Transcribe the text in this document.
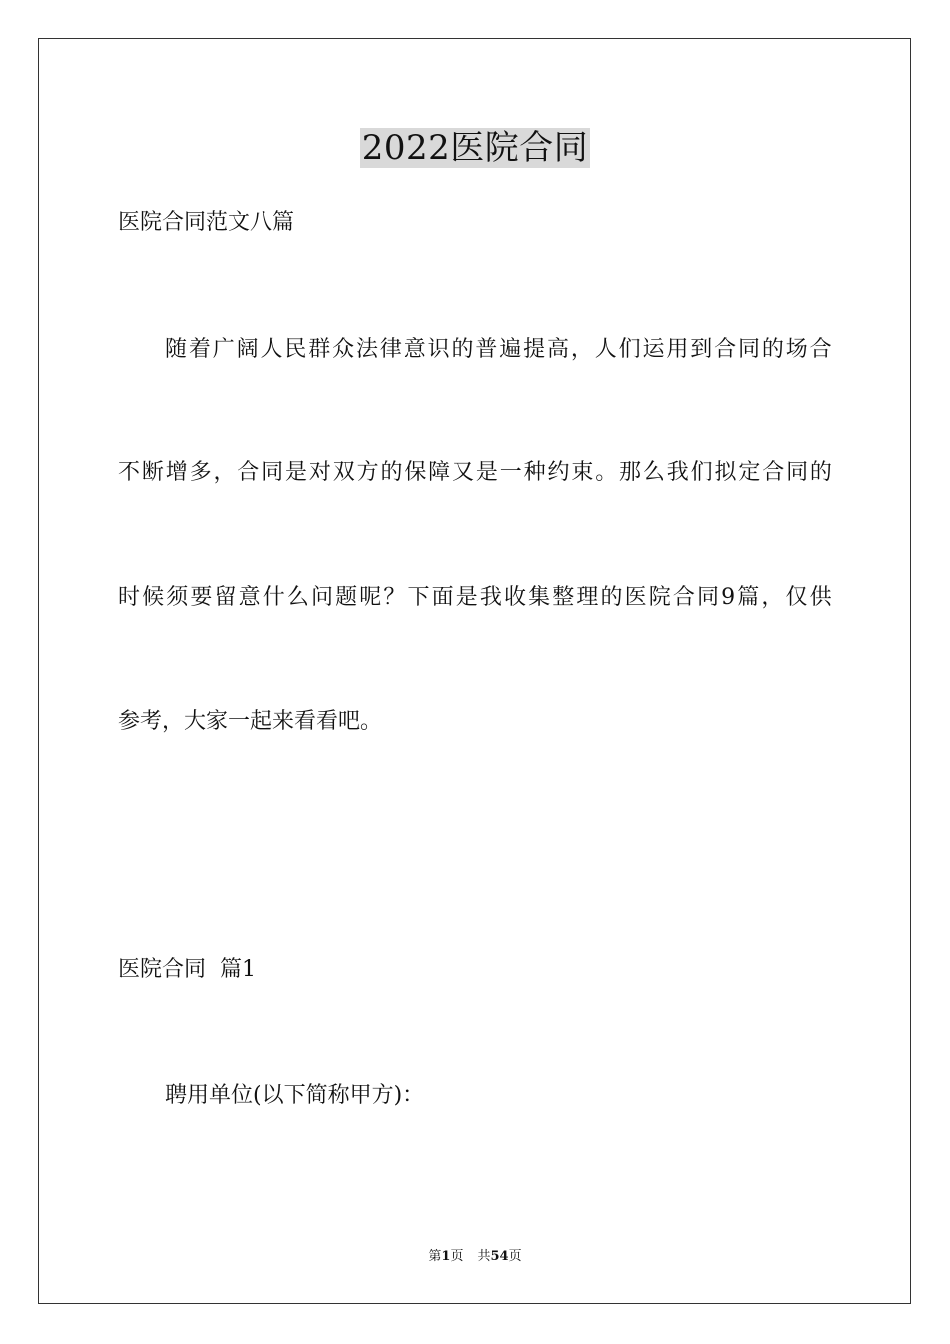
2022医院合同
医院合同范文八篇
随 着 广 阔 人 民 群 众 法 律 意 识 的 普 遍 提 高 ， 人 们 运 用 到 合 同 的 场 合
不 断 增 多 ， 合 同 是 对 双 方 的 保 障 又 是 一 种 约 束 。 那 么 我 们 拟 定 合 同 的
时 候 须 要 留 意 什 么 问 题 呢 ？ 下 面 是 我 收 集 整 理 的 医 院 合 同 9 篇 ， 仅 供
参考，大家一起来看看吧。
医院合同  篇1
聘用单位(以下简称甲方)：
第1页 共54页
